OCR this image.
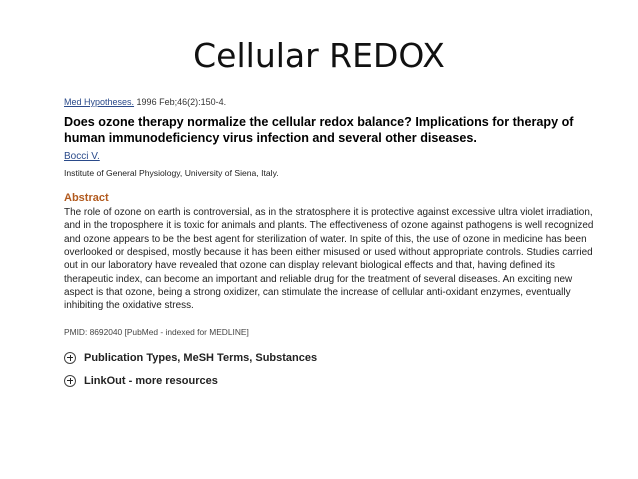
Cellular REDOX
Med Hypotheses. 1996 Feb;46(2):150-4.
Does ozone therapy normalize the cellular redox balance? Implications for therapy of human immunodeficiency virus infection and several other diseases.
Bocci V.
Institute of General Physiology, University of Siena, Italy.
Abstract
The role of ozone on earth is controversial, as in the stratosphere it is protective against excessive ultra violet irradiation, and in the troposphere it is toxic for animals and plants. The effectiveness of ozone against pathogens is well recognized and ozone appears to be the best agent for sterilization of water. In spite of this, the use of ozone in medicine has been overlooked or despised, mostly because it has been either misused or used without appropriate controls. Studies carried out in our laboratory have revealed that ozone can display relevant biological effects and that, having defined its therapeutic index, can become an important and reliable drug for the treatment of several diseases. An exciting new aspect is that ozone, being a strong oxidizer, can stimulate the increase of cellular anti-oxidant enzymes, eventually inhibiting the oxidative stress.
PMID: 8692040 [PubMed - indexed for MEDLINE]
Publication Types, MeSH Terms, Substances
LinkOut - more resources
